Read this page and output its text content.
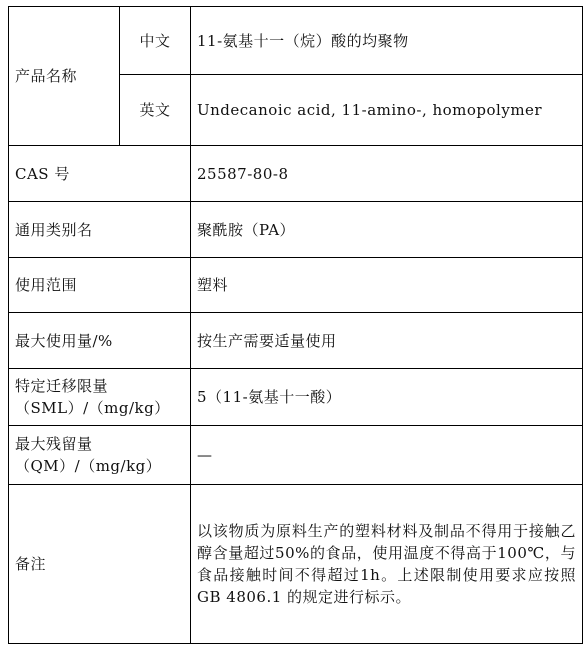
产品名称	中文	11-氨基十一（烷）酸的均聚物
	英文	Undecanoic acid, 11-amino-, homopolymer
CAS 号		25587-80-8
通用类别名		聚酰胺（PA）
使用范围		塑料
最大使用量/%		按生产需要适量使用

特定迁移限量
（SML）/（mg/kg）		5（11-氨基十一酸）

最大残留量
（QM）/（mg/kg）		—
备注		以该物质为原料生产的塑料材料及制品不得用于接触乙醇含量超过50%的食品，使用温度不得高于100℃，与食品接触时间不得超过1h。上述限制使用要求应按照 GB 4806.1 的规定进行标示。
